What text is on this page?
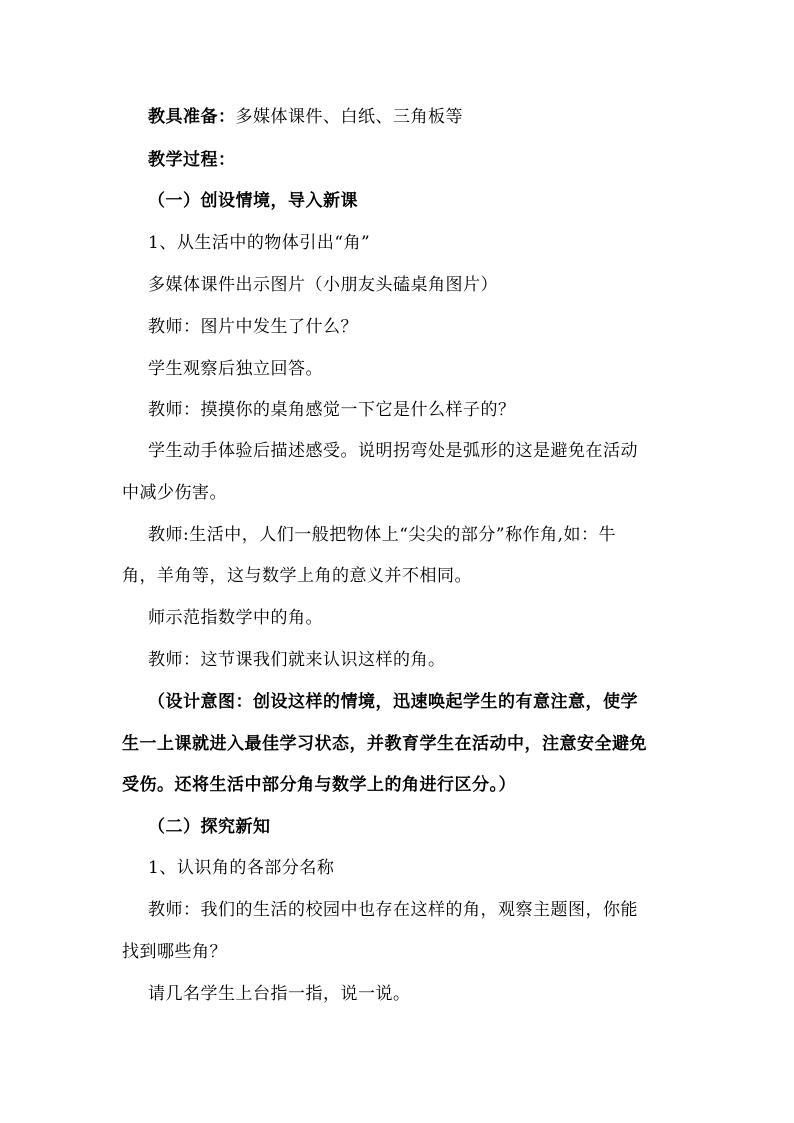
教具准备：多媒体课件、白纸、三角板等
教学过程：
（一）创设情境，导入新课
1、从生活中的物体引出“角”
多媒体课件出示图片（小朋友头磕桌角图片）
教师：图片中发生了什么？
学生观察后独立回答。
教师：摸摸你的桌角感觉一下它是什么样子的？
学生动手体验后描述感受。说明拐弯处是弧形的这是避免在活动
中减少伤害。
教师:生活中，人们一般把物体上“尖尖的部分”称作角,如：牛
角，羊角等，这与数学上角的意义并不相同。
师示范指数学中的角。
教师：这节课我们就来认识这样的角。
（设计意图：创设这样的情境，迅速唤起学生的有意注意，使学
生一上课就进入最佳学习状态，并教育学生在活动中，注意安全避免
受伤。还将生活中部分角与数学上的角进行区分。）
（二）探究新知
1、认识角的各部分名称
教师：我们的生活的校园中也存在这样的角，观察主题图，你能
找到哪些角？
请几名学生上台指一指，说一说。
